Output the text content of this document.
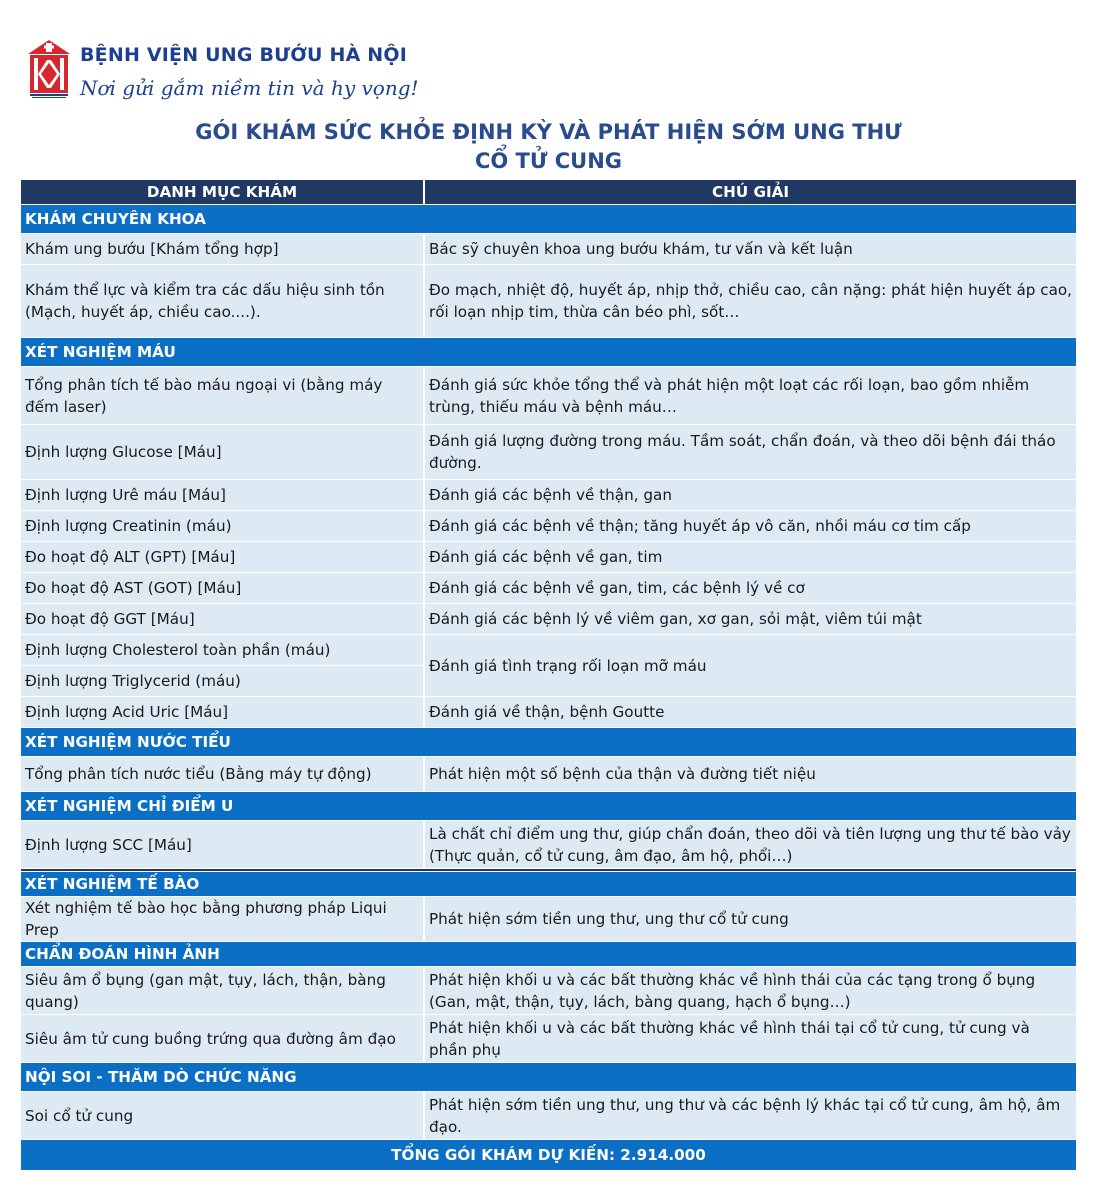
BỆNH VIỆN UNG BƯỚU HÀ NỘI
Nơi gửi gắm niềm tin và hy vọng!
GÓI KHÁM SỨC KHỎE ĐỊNH KỲ VÀ PHÁT HIỆN SỚM UNG THƯ
CỔ TỬ CUNG
DANH MỤC KHÁM	CHÚ GIẢI
KHÁM CHUYÊN KHOA	
Khám ung bướu [Khám tổng hợp]	Bác sỹ chuyên khoa ung bướu khám, tư vấn và kết luận
Khám thể lực và kiểm tra các dấu hiệu sinh tồn (Mạch, huyết áp, chiều cao....).	Đo mạch, nhiệt độ, huyết áp, nhịp thở, chiều cao, cân nặng: phát hiện huyết áp cao, rối loạn nhịp tim, thừa cân béo phì, sốt…
XÉT NGHIỆM MÁU	
Tổng phân tích tế bào máu ngoại vi (bằng máy đếm laser)	Đánh giá sức khỏe tổng thể và phát hiện một loạt các rối loạn, bao gồm nhiễm trùng, thiếu máu và bệnh máu…
Định lượng Glucose [Máu]	Đánh giá lượng đường trong máu. Tầm soát, chẩn đoán, và theo dõi bệnh đái tháo đường.
Định lượng Urê máu [Máu]	Đánh giá các bệnh về thận, gan
Định lượng Creatinin (máu)	Đánh giá các bệnh về thận; tăng huyết áp vô căn, nhồi máu cơ tim cấp
Đo hoạt độ ALT (GPT) [Máu]	Đánh giá các bệnh về gan, tim
Đo hoạt độ AST (GOT) [Máu]	Đánh giá các bệnh về gan, tim, các bệnh lý về cơ
Đo hoạt độ GGT [Máu]	Đánh giá các bệnh lý về viêm gan, xơ gan, sỏi mật, viêm túi mật
Định lượng Cholesterol toàn phần (máu)	Đánh giá tình trạng rối loạn mỡ máu
Định lượng Triglycerid (máu)	
Định lượng Acid Uric [Máu]	Đánh giá về thận, bệnh Goutte
XÉT NGHIỆM NƯỚC TIỂU	
Tổng phân tích nước tiểu (Bằng máy tự động)	Phát hiện một số bệnh của thận và đường tiết niệu
XÉT NGHIỆM CHỈ ĐIỂM U	
Định lượng SCC [Máu]	Là chất chỉ điểm ung thư, giúp chẩn đoán, theo dõi và tiên lượng ung thư tế bào vảy (Thực quản, cổ tử cung, âm đạo, âm hộ, phổi…)

XÉT NGHIỆM TẾ BÀO	
Xét nghiệm tế bào học bằng phương pháp Liqui Prep	Phát hiện sớm tiền ung thư, ung thư cổ tử cung
CHẨN ĐOÁN HÌNH ẢNH	
Siêu âm ổ bụng (gan mật, tụy, lách, thận, bàng quang)	Phát hiện khối u và các bất thường khác về hình thái của các tạng trong ổ bụng (Gan, mật, thận, tụy, lách, bàng quang, hạch ổ bụng…)
Siêu âm tử cung buồng trứng qua đường âm đạo	Phát hiện khối u và các bất thường khác về hình thái tại cổ tử cung, tử cung và phần phụ
NỘI SOI - THĂM DÒ CHỨC NĂNG	
Soi cổ tử cung	Phát hiện sớm tiền ung thư, ung thư và các bệnh lý khác tại cổ tử cung, âm hộ, âm đạo.
TỔNG GÓI KHÁM DỰ KIẾN: 2.914.000	
